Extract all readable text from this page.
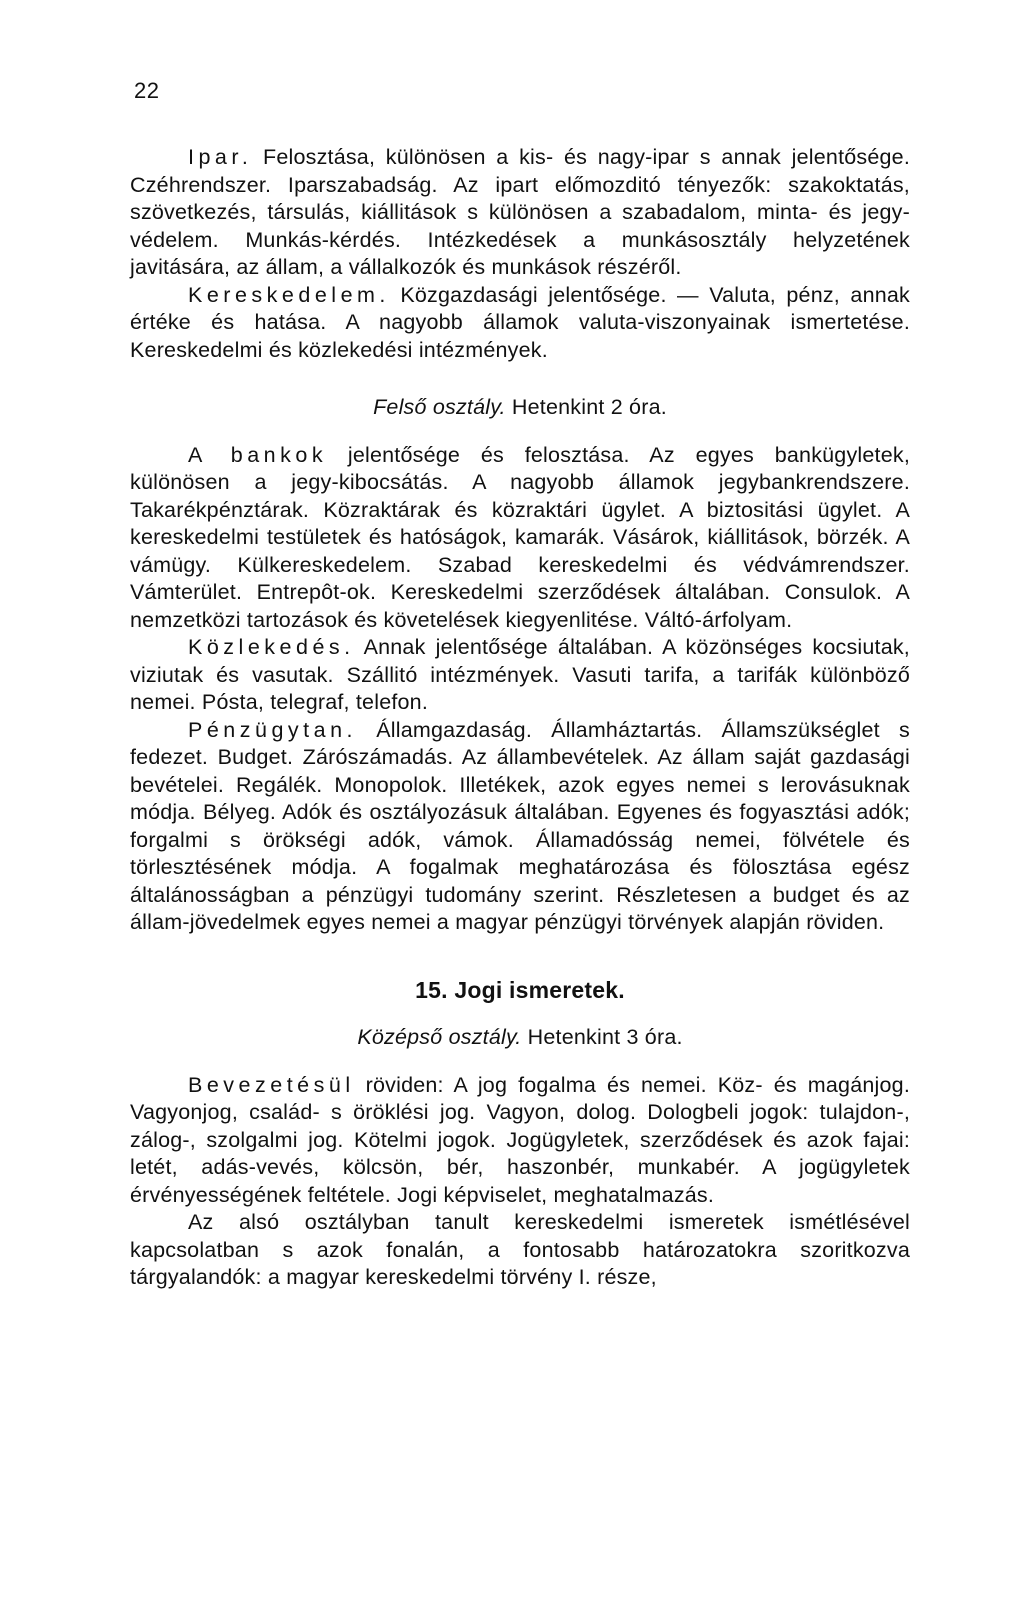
22

Ipar. Felosztása, különösen a kis- és nagy-ipar s annak jelentősége. Czéhrendszer. Iparszabadság. Az ipart előmozditó tényezők: szakoktatás, szövetkezés, társulás, kiállitások s különösen a szabadalom, minta- és jegy-védelem. Munkás-kérdés. Intézkedések a munkásosztály helyzetének javitására, az állam, a vállalkozók és munkások részéről.

Kereskedelem. Közgazdasági jelentősége. — Valuta, pénz, annak értéke és hatása. A nagyobb államok valuta-viszonyainak ismertetése. Kereskedelmi és közlekedési intézmények.

Felső osztály. Hetenkint 2 óra.

A bankok jelentősége és felosztása. Az egyes bankügyletek, különösen a jegy-kibocsátás. A nagyobb államok jegybankrendszere. Takarékpénztárak. Közraktárak és közraktári ügylet. A biztositási ügylet. A kereskedelmi testületek és hatóságok, kamarák. Vásárok, kiállitások, börzék. A vámügy. Külkereskedelem. Szabad kereskedelmi és védvámrendszer. Vámterület. Entrepôt-ok. Kereskedelmi szerződések általában. Consulok. A nemzetközi tartozások és követelések kiegyenlitése. Váltó-árfolyam.

Közlekedés. Annak jelentősége általában. A közönséges kocsiutak, viziutak és vasutak. Szállitó intézmények. Vasuti tarifa, a tarifák különböző nemei. Pósta, telegraf, telefon.

Pénzügytan. Államgazdaság. Államháztartás. Államszükséglet s fedezet. Budget. Zárószámadás. Az állambevételek. Az állam saját gazdasági bevételei. Regálék. Monopolok. Illetékek, azok egyes nemei s lerovásuknak módja. Bélyeg. Adók és osztályozásuk általában. Egyenes és fogyasztási adók; forgalmi s örökségi adók, vámok. Államadósság nemei, fölvétele és törlesztésének módja. A fogalmak meghatározása és fölosztása egész általánosságban a pénzügyi tudomány szerint. Részletesen a budget és az állam-jövedelmek egyes nemei a magyar pénzügyi törvények alapján röviden.

15. Jogi ismeretek.

Középső osztály. Hetenkint 3 óra.

Bevezetésül röviden: A jog fogalma és nemei. Köz- és magánjog. Vagyonjog, család- s öröklési jog. Vagyon, dolog. Dologbeli jogok: tulajdon-, zálog-, szolgalmi jog. Kötelmi jogok. Jogügyletek, szerződések és azok fajai: letét, adás-vevés, kölcsön, bér, haszonbér, munkabér. A jogügyletek érvényességének feltétele. Jogi képviselet, meghatalmazás.

Az alsó osztályban tanult kereskedelmi ismeretek ismétlésével kapcsolatban s azok fonalán, a fontosabb határozatokra szoritkozva tárgyalandók: a magyar kereskedelmi törvény I. része,
